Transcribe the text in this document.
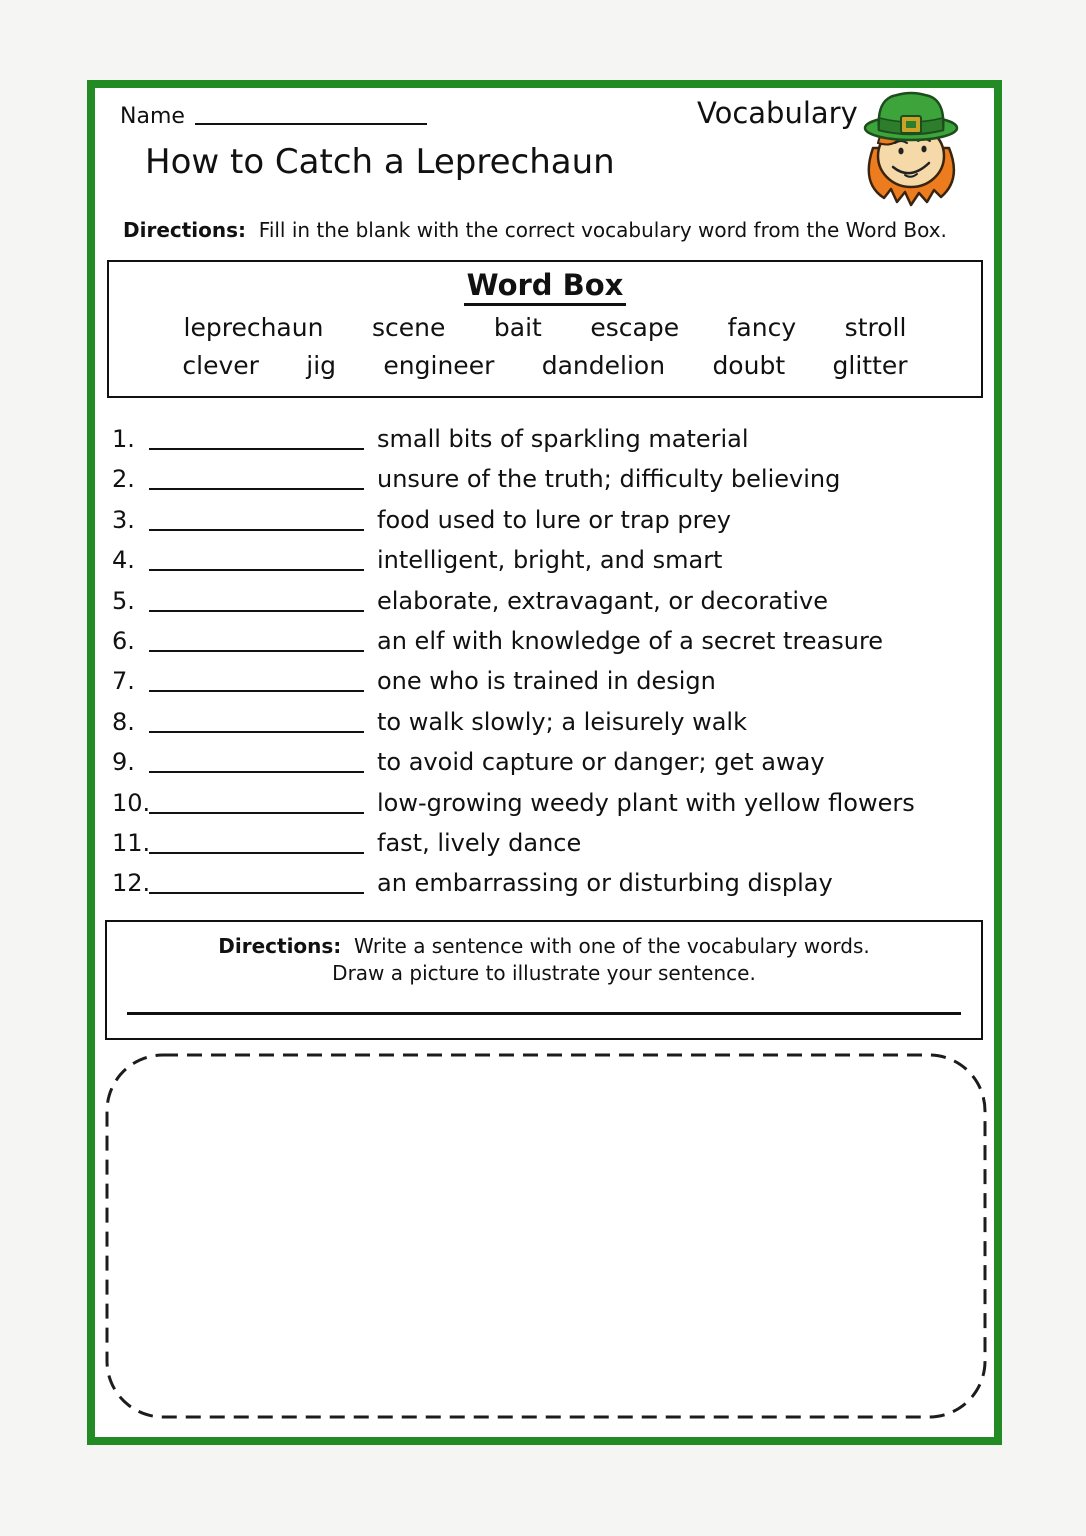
Name	Vocabulary
How to Catch a Leprechaun

Directions: Fill in the blank with the correct vocabulary word from the Word Box.

Word Box
leprechaun scene bait escape fancy stroll
clever jig engineer dandelion doubt glitter
1.	small bits of sparkling material
2.	unsure of the truth; difficulty believing
3.	food used to lure or trap prey
4.	intelligent, bright, and smart
5.	elaborate, extravagant, or decorative
6.	an elf with knowledge of a secret treasure
7.	one who is trained in design
8.	to walk slowly; a leisurely walk
9.	to avoid capture or danger; get away
10.	low-growing weedy plant with yellow flowers
11.	fast, lively dance
12.	an embarrassing or disturbing display

Directions: Write a sentence with one of the vocabulary words.

Draw a picture to illustrate your sentence.
